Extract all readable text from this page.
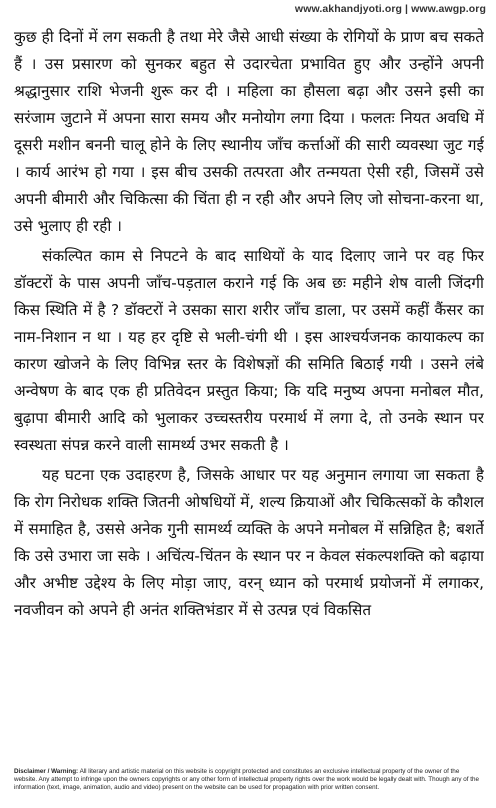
www.akhandjyoti.org | www.awgp.org

कुछ ही दिनों में लग सकती है तथा मेरे जैसे आधी संख्या के रोगियों के प्राण बच सकते हैं । उस प्रसारण को सुनकर बहुत से उदारचेता प्रभावित हुए और उन्होंने अपनी श्रद्धानुसार राशि भेजनी शुरू कर दी । महिला का हौसला बढ़ा और उसने इसी का सरंजाम जुटाने में अपना सारा समय और मनोयोग लगा दिया । फलतः नियत अवधि में दूसरी मशीन बननी चालू होने के लिए स्थानीय जाँच कर्त्ताओं की सारी व्यवस्था जुट गई । कार्य आरंभ हो गया । इस बीच उसकी तत्परता और तन्मयता ऐसी रही, जिसमें उसे अपनी बीमारी और चिकित्सा की चिंता ही न रही और अपने लिए जो सोचना-करना था, उसे भुलाए ही रही ।

संकल्पित काम से निपटने के बाद साथियों के याद दिलाए जाने पर वह फिर डॉक्टरों के पास अपनी जाँच-पड़ताल कराने गई कि अब छः महीने शेष वाली जिंदगी किस स्थिति में है ? डॉक्टरों ने उसका सारा शरीर जाँच डाला, पर उसमें कहीं कैंसर का नाम-निशान न था । यह हर दृष्टि से भली-चंगी थी । इस आश्चर्यजनक कायाकल्प का कारण खोजने के लिए विभिन्न स्तर के विशेषज्ञों की समिति बिठाई गयी । उसने लंबे अन्वेषण के बाद एक ही प्रतिवेदन प्रस्तुत किया; कि यदि मनुष्य अपना मनोबल मौत, बुढ़ापा बीमारी आदि को भुलाकर उच्चस्तरीय परमार्थ में लगा दे, तो उनके स्थान पर स्वस्थता संपन्न करने वाली सामर्थ्य उभर सकती है ।

यह घटना एक उदाहरण है, जिसके आधार पर यह अनुमान लगाया जा सकता है कि रोग निरोधक शक्ति जितनी ओषधियों में, शल्य क्रियाओं और चिकित्सकों के कौशल में समाहित है, उससे अनेक गुनी सामर्थ्य व्यक्ति के अपने मनोबल में सन्निहित है; बशर्ते कि उसे उभारा जा सके । अचिंत्य-चिंतन के स्थान पर न केवल संकल्पशक्ति को बढ़ाया और अभीष्ट उद्देश्य के लिए मोड़ा जाए, वरन् ध्यान को परमार्थ प्रयोजनों में लगाकर, नवजीवन को अपने ही अनंत शक्तिभंडार में से उत्पन्न एवं विकसित

Disclaimer / Warning: All literary and artistic material on this website is copyright protected and constitutes an exclusive intellectual property of the owner of the website. Any attempt to infringe upon the owners copyrights or any other form of intellectual property rights over the work would be legally dealt with. Though any of the information (text, image, animation, audio and video) present on the website can be used for propagation with prior written consent.
